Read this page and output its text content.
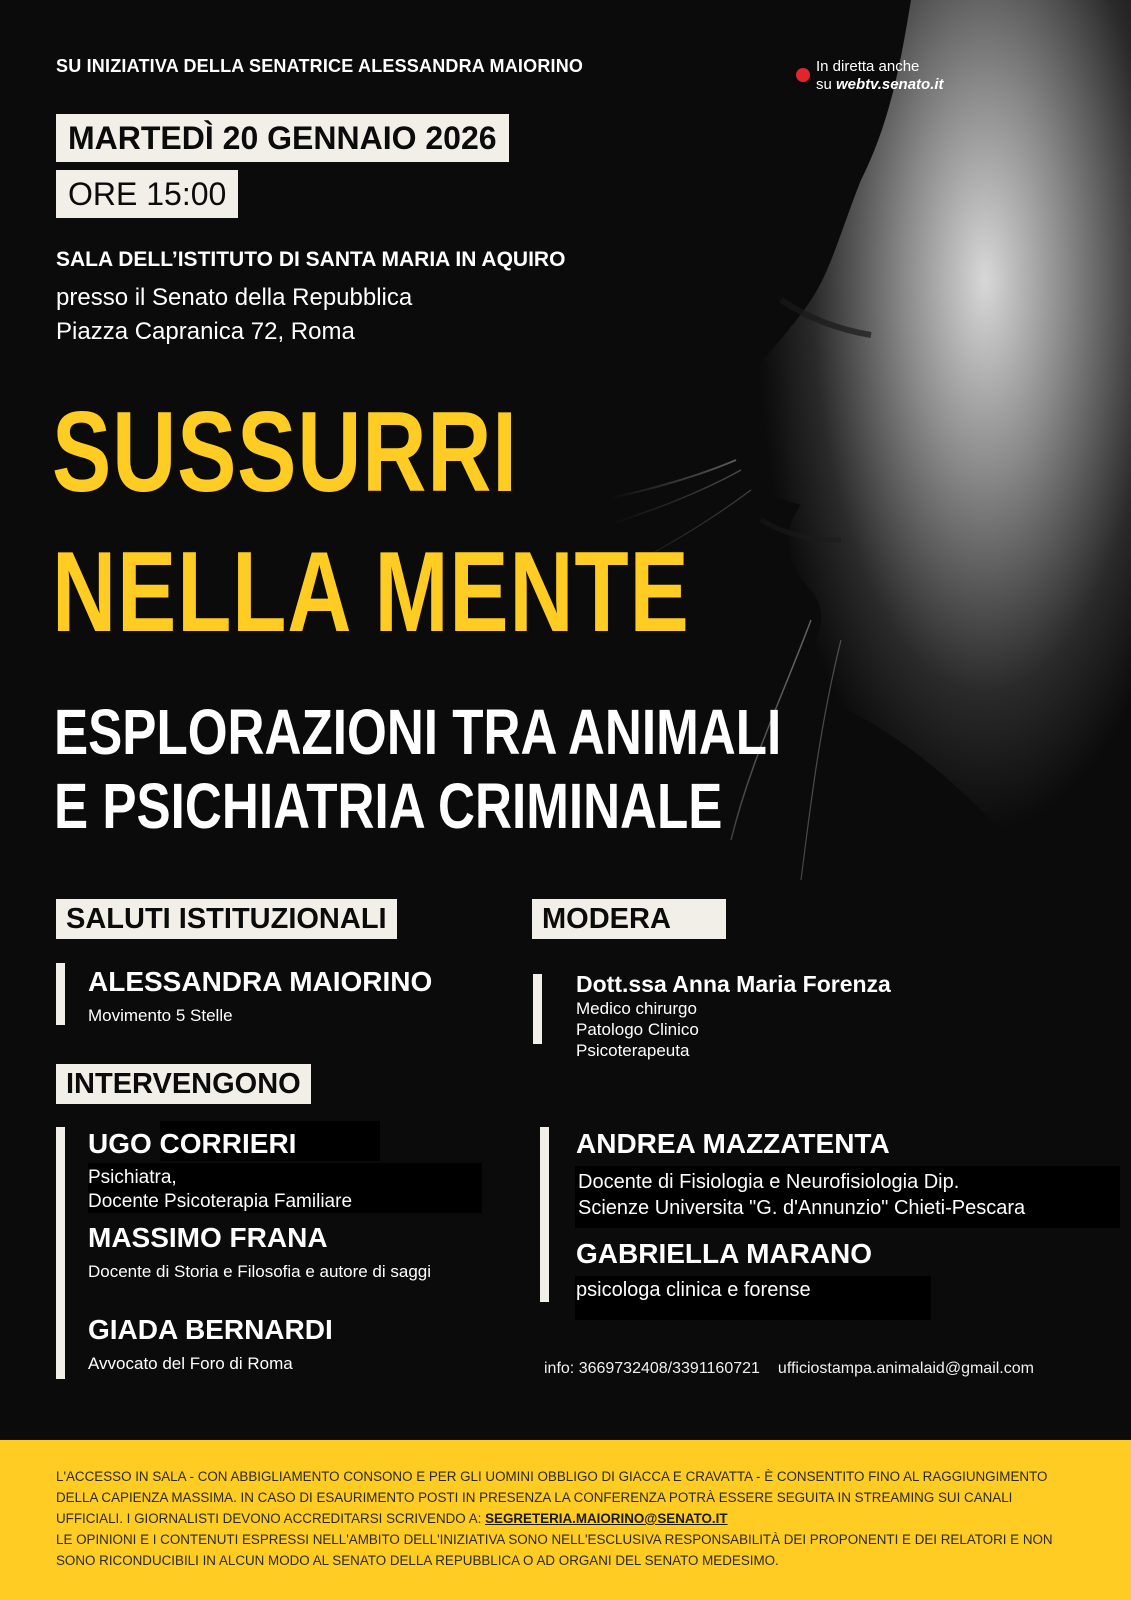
SU INIZIATIVA DELLA SENATRICE ALESSANDRA MAIORINO	In diretta anche
su webtv.senato.it
MARTEDÌ 20 GENNAIO 2026
ORE 15:00
SALA DELL’ISTITUTO DI SANTA MARIA IN AQUIRO
presso il Senato della Repubblica
Piazza Capranica 72, Roma
SUSSURRI
NELLA MENTE
ESPLORAZIONI TRA ANIMALI
E PSICHIATRIA CRIMINALE
SALUTI ISTITUZIONALI	MODERA
INTERVENGONO
ALESSANDRA MAIORINO
Movimento 5 Stelle
Dott.ssa Anna Maria Forenza
Medico chirurgo
Patologo Clinico
Psicoterapeuta
UGO CORRIERI
Psichiatra,
Docente Psicoterapia Familiare
MASSIMO FRANA
Docente di Storia e Filosofia e autore di saggi
GIADA BERNARDI
Avvocato del Foro di Roma
ANDREA MAZZATENTA
Docente di Fisiologia e Neurofisiologia Dip.
Scienze Universita "G. d'Annunzio" Chieti-Pescara
GABRIELLA MARANO
psicologa clinica e forense
info: 3669732408/3391160721 ufficiostampa.animalaid@gmail.com
L'ACCESSO IN SALA - CON ABBIGLIAMENTO CONSONO E PER GLI UOMINI OBBLIGO DI GIACCA E CRAVATTA - È CONSENTITO FINO AL RAGGIUNGIMENTO DELLA CAPIENZA MASSIMA. IN CASO DI ESAURIMENTO POSTI IN PRESENZA LA CONFERENZA POTRÀ ESSERE SEGUITA IN STREAMING SUI CANALI UFFICIALI. I GIORNALISTI DEVONO ACCREDITARSI SCRIVENDO A: SEGRETERIA.MAIORINO@SENATO.IT
LE OPINIONI E I CONTENUTI ESPRESSI NELL'AMBITO DELL'INIZIATIVA SONO NELL'ESCLUSIVA RESPONSABILITÀ DEI PROPONENTI E DEI RELATORI E NON SONO RICONDUCIBILI IN ALCUN MODO AL SENATO DELLA REPUBBLICA O AD ORGANI DEL SENATO MEDESIMO.
